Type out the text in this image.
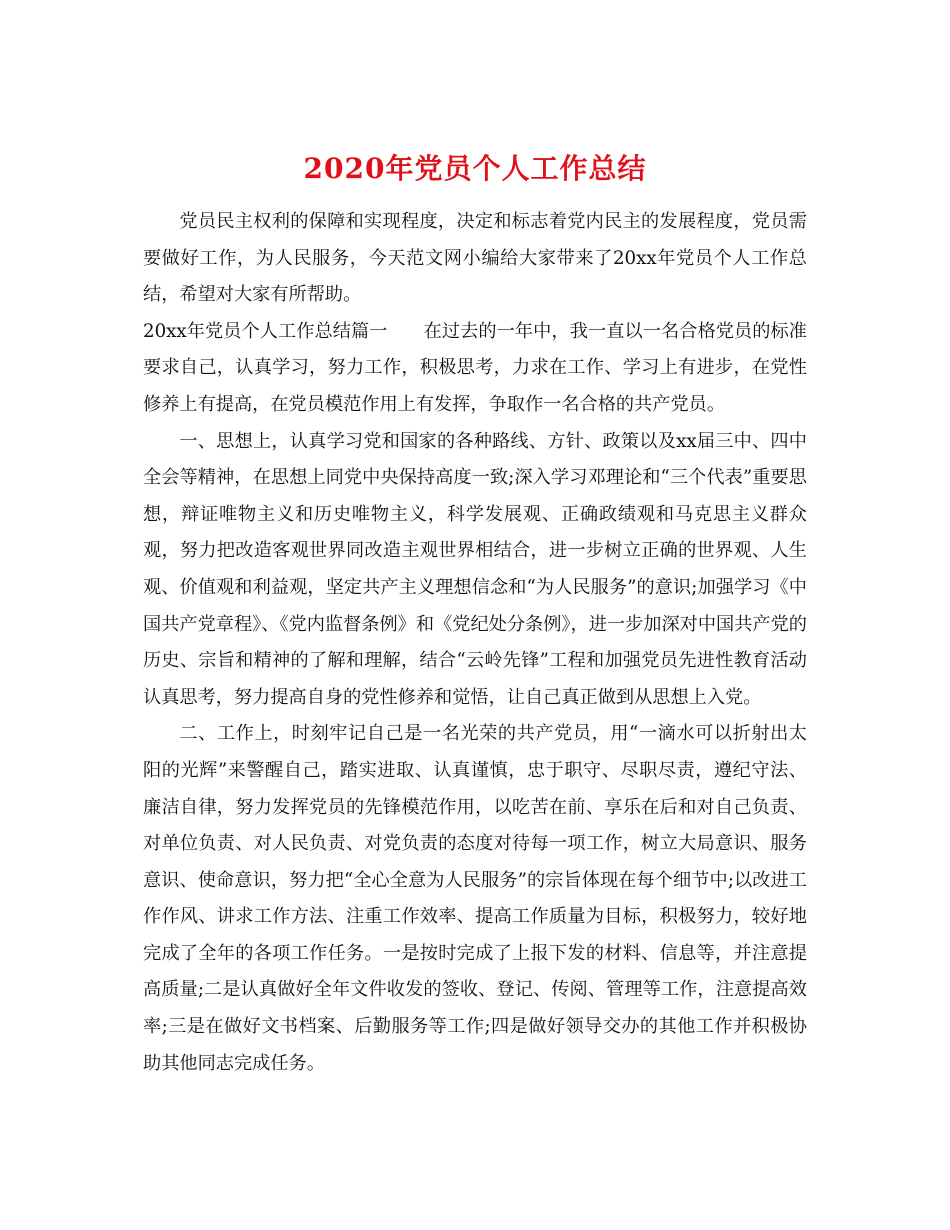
2020年党员个人工作总结

党员民主权利的保障和实现程度，决定和标志着党内民主的发展程度，党员需要做好工作，为人民服务，今天范文网小编给大家带来了20xx年党员个人工作总结，希望对大家有所帮助。

20xx年党员个人工作总结篇一 在过去的一年中，我一直以一名合格党员的标准要求自己，认真学习，努力工作，积极思考，力求在工作、学习上有进步，在党性修养上有提高，在党员模范作用上有发挥，争取作一名合格的共产党员。

一、思想上，认真学习党和国家的各种路线、方针、政策以及xx届三中、四中全会等精神，在思想上同党中央保持高度一致;深入学习邓理论和“三个代表”重要思想，辩证唯物主义和历史唯物主义，科学发展观、正确政绩观和马克思主义群众观，努力把改造客观世界同改造主观世界相结合，进一步树立正确的世界观、人生观、价值观和利益观，坚定共产主义理想信念和“为人民服务”的意识;加强学习《中国共产党章程》、《党内监督条例》和《党纪处分条例》，进一步加深对中国共产党的历史、宗旨和精神的了解和理解，结合“云岭先锋”工程和加强党员先进性教育活动认真思考，努力提高自身的党性修养和觉悟，让自己真正做到从思想上入党。

二、工作上，时刻牢记自己是一名光荣的共产党员，用“一滴水可以折射出太阳的光辉”来警醒自己，踏实进取、认真谨慎，忠于职守、尽职尽责，遵纪守法、廉洁自律，努力发挥党员的先锋模范作用，以吃苦在前、享乐在后和对自己负责、对单位负责、对人民负责、对党负责的态度对待每一项工作，树立大局意识、服务意识、使命意识，努力把“全心全意为人民服务”的宗旨体现在每个细节中;以改进工作作风、讲求工作方法、注重工作效率、提高工作质量为目标，积极努力，较好地完成了全年的各项工作任务。一是按时完成了上报下发的材料、信息等，并注意提高质量;二是认真做好全年文件收发的签收、登记、传阅、管理等工作，注意提高效率;三是在做好文书档案、后勤服务等工作;四是做好领导交办的其他工作并积极协助其他同志完成任务。
